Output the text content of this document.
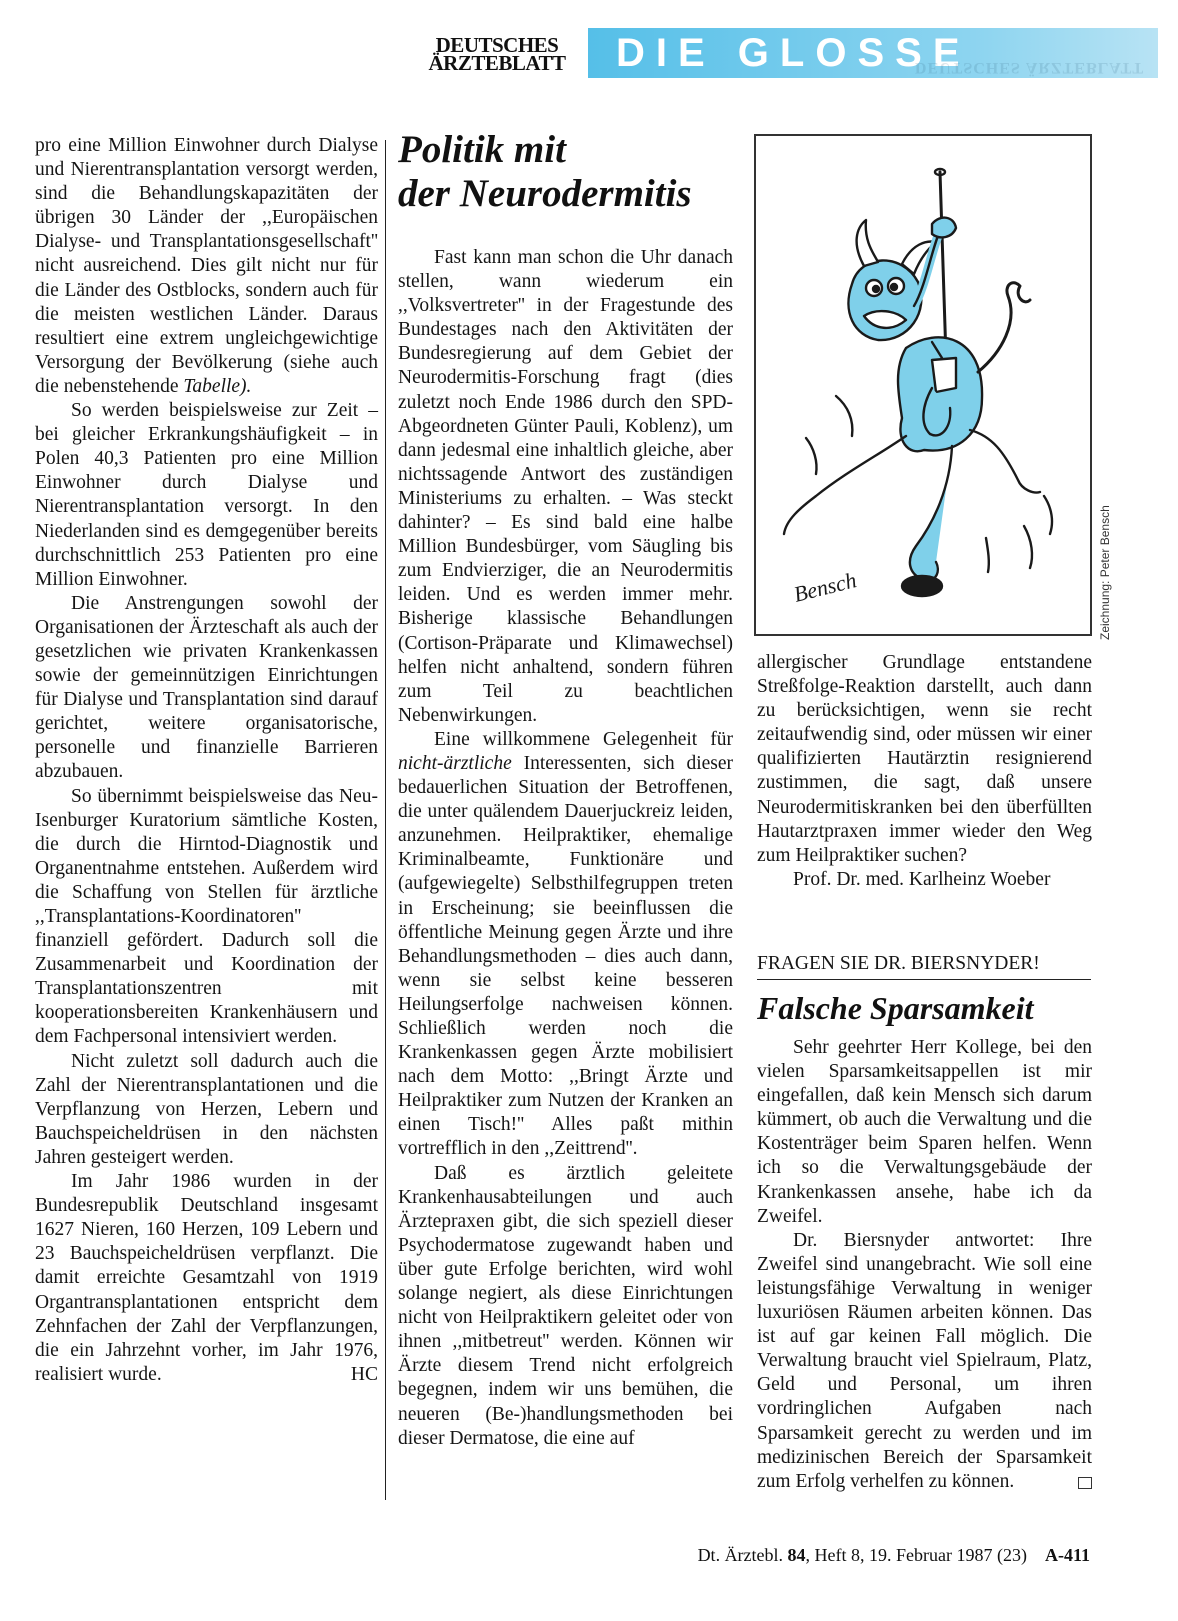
DEUTSCHES
ÄRZTEBLATT	DIE GLOSSE
DEUTSCHES ÄRZTEBLATT

pro eine Million Einwohner durch Dialyse und Nierentransplantation versorgt werden, sind die Behandlungskapazitäten der übrigen 30 Länder der ,,Europäischen Dialyse- und Transplantationsgesellschaft'' nicht ausreichend. Dies gilt nicht nur für die Länder des Ostblocks, sondern auch für die meisten westlichen Länder. Daraus resultiert eine extrem ungleichgewichtige Versorgung der Bevölkerung (siehe auch die nebenstehende Tabelle).

So werden beispielsweise zur Zeit – bei gleicher Erkrankungshäufigkeit – in Polen 40,3 Patienten pro eine Million Einwohner durch Dialyse und Nierentransplantation versorgt. In den Niederlanden sind es demgegenüber bereits durchschnittlich 253 Patienten pro eine Million Einwohner.

Die Anstrengungen sowohl der Organisationen der Ärzteschaft als auch der gesetzlichen wie privaten Krankenkassen sowie der gemeinnützigen Einrichtungen für Dialyse und Transplantation sind darauf gerichtet, weitere organisatorische, personelle und finanzielle Barrieren abzubauen.

So übernimmt beispielsweise das Neu-Isenburger Kuratorium sämtliche Kosten, die durch die Hirntod-Diagnostik und Organentnahme entstehen. Außerdem wird die Schaffung von Stellen für ärztliche ,,Transplantations-Koordinatoren'' finanziell gefördert. Dadurch soll die Zusammenarbeit und Koordination der Transplantationszentren mit kooperationsbereiten Krankenhäusern und dem Fachpersonal intensiviert werden.

Nicht zuletzt soll dadurch auch die Zahl der Nierentransplantationen und die Verpflanzung von Herzen, Lebern und Bauchspeicheldrüsen in den nächsten Jahren gesteigert werden.

Im Jahr 1986 wurden in der Bundesrepublik Deutschland insgesamt 1627 Nieren, 160 Herzen, 109 Lebern und 23 Bauchspeicheldrüsen verpflanzt. Die damit erreichte Gesamtzahl von 1919 Organtransplantationen entspricht dem Zehnfachen der Zahl der Verpflanzungen, die ein Jahrzehnt vorher, im Jahr 1976, realisiert wurde.	HC

Politik mit
der Neurodermitis

Fast kann man schon die Uhr danach stellen, wann wiederum ein ,,Volksvertreter'' in der Fragestunde des Bundestages nach den Aktivitäten der Bundesregierung auf dem Gebiet der Neurodermitis-Forschung fragt (dies zuletzt noch Ende 1986 durch den SPD-Abgeordneten Günter Pauli, Koblenz), um dann jedesmal eine inhaltlich gleiche, aber nichtssagende Antwort des zuständigen Ministeriums zu erhalten. – Was steckt dahinter? – Es sind bald eine halbe Million Bundesbürger, vom Säugling bis zum Endvierziger, die an Neurodermitis leiden. Und es werden immer mehr. Bisherige klassische Behandlungen (Cortison-Präparate und Klimawechsel) helfen nicht anhaltend, sondern führen zum Teil zu beachtlichen Nebenwirkungen.

Eine willkommene Gelegenheit für nicht-ärztliche Interessenten, sich dieser bedauerlichen Situation der Betroffenen, die unter quälendem Dauerjuckreiz leiden, anzunehmen. Heilpraktiker, ehemalige Kriminalbeamte, Funktionäre und (aufgewiegelte) Selbsthilfegruppen treten in Erscheinung; sie beeinflussen die öffentliche Meinung gegen Ärzte und ihre Behandlungsmethoden – dies auch dann, wenn sie selbst keine besseren Heilungserfolge nachweisen können. Schließlich werden noch die Krankenkassen gegen Ärzte mobilisiert nach dem Motto: ,,Bringt Ärzte und Heilpraktiker zum Nutzen der Kranken an einen Tisch!'' Alles paßt mithin vortrefflich in den ,,Zeittrend''.

Daß es ärztlich geleitete Krankenhausabteilungen und auch Ärztepraxen gibt, die sich speziell dieser Psychodermatose zugewandt haben und über gute Erfolge berichten, wird wohl solange negiert, als diese Einrichtungen nicht von Heilpraktikern geleitet oder von ihnen ,,mitbetreut'' werden. Können wir Ärzte diesem Trend nicht erfolgreich begegnen, indem wir uns bemühen, die neueren (Be-)handlungsmethoden bei dieser Dermatose, die eine auf

Bensch	Zeichnung: Peter Bensch

allergischer Grundlage entstandene Streßfolge-Reaktion darstellt, auch dann zu berücksichtigen, wenn sie recht zeitaufwendig sind, oder müssen wir einer qualifizierten Hautärztin resignierend zustimmen, die sagt, daß unsere Neurodermitiskranken bei den überfüllten Hautarztpraxen immer wieder den Weg zum Heilpraktiker suchen?

Prof. Dr. med. Karlheinz Woeber

FRAGEN SIE DR. BIERSNYDER!
Falsche Sparsamkeit

Sehr geehrter Herr Kollege, bei den vielen Sparsamkeitsappellen ist mir eingefallen, daß kein Mensch sich darum kümmert, ob auch die Verwaltung und die Kostenträger beim Sparen helfen. Wenn ich so die Verwaltungsgebäude der Krankenkassen ansehe, habe ich da Zweifel.

Dr. Biersnyder antwortet: Ihre Zweifel sind unangebracht. Wie soll eine leistungsfähige Verwaltung in weniger luxuriösen Räumen arbeiten können. Das ist auf gar keinen Fall möglich. Die Verwaltung braucht viel Spielraum, Platz, Geld und Personal, um ihren vordringlichen Aufgaben nach Sparsamkeit gerecht zu werden und im medizinischen Bereich der Sparsamkeit zum Erfolg verhelfen zu können.

Dt. Ärztebl. 84, Heft 8, 19. Februar 1987 (23) A-411
